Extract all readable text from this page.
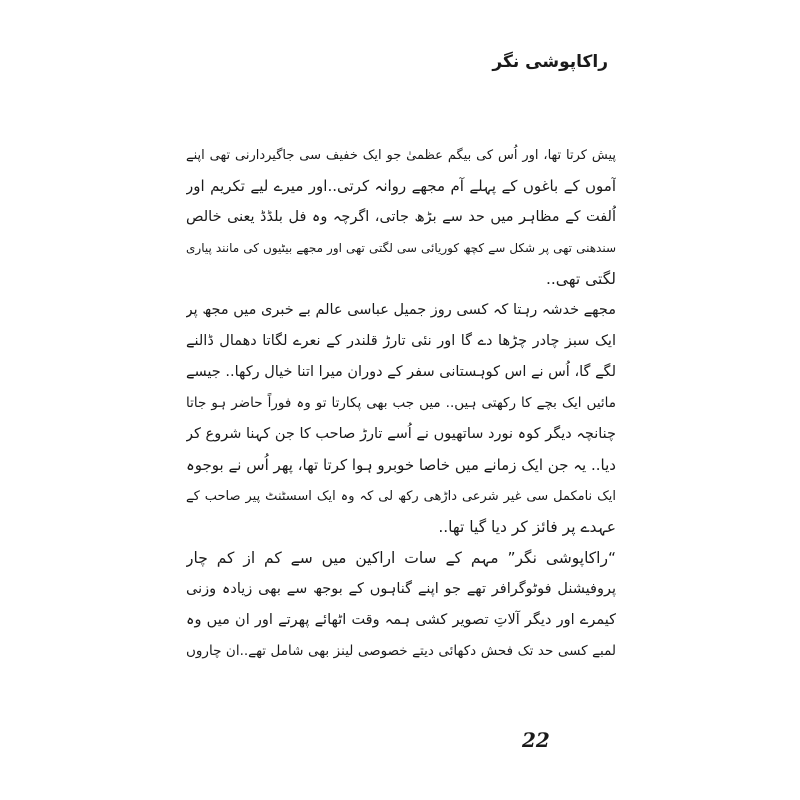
راکاپوشی نگر
پیش کرتا تھا، اور اُس کی بیگم عظمیٰ جو ایک خفیف سی جاگیردارنی تھی اپنے
آموں کے باغوں کے پہلے آم مجھے روانہ کرتی..اور میرے لیے تکریم اور
اُلفت کے مظاہر میں حد سے بڑھ جاتی، اگرچہ وہ فل بلڈڈ یعنی خالص
سندھنی تھی پر شکل سے کچھ کوریائی سی لگتی تھی اور مجھے بیٹیوں کی مانند پیاری
لگتی تھی..
مجھے خدشہ رہتا کہ کسی روز جمیل عباسی عالم بے خبری میں مجھ پر
ایک سبز چادر چڑھا دے گا اور نئی تارڑ قلندر کے نعرے لگاتا دھمال ڈالنے
لگے گا، اُس نے اس کوہستانی سفر کے دوران میرا اتنا خیال رکھا.. جیسے
مائیں ایک بچے کا رکھتی ہیں.. میں جب بھی پکارتا تو وہ فوراً حاضر ہو جاتا
چنانچہ دیگر کوہ نورد ساتھیوں نے اُسے تارڑ صاحب کا جن کہنا شروع کر
دیا.. یہ جن ایک زمانے میں خاصا خوبرو ہوا کرتا تھا، پھر اُس نے بوجوہ
ایک نامکمل سی غیر شرعی داڑھی رکھ لی کہ وہ ایک اسسٹنٹ پیر صاحب کے
عہدے پر فائز کر دیا گیا تھا..
“راکاپوشی نگر” مہم کے سات اراکین میں سے کم از کم چار
پروفیشنل فوٹوگرافر تھے جو اپنے گناہوں کے بوجھ سے بھی زیادہ وزنی
کیمرے اور دیگر آلاتِ تصویر کشی ہمہ وقت اٹھائے پھرتے اور ان میں وہ
لمبے کسی حد تک فحش دکھائی دیتے خصوصی لینز بھی شامل تھے..ان چاروں
22
